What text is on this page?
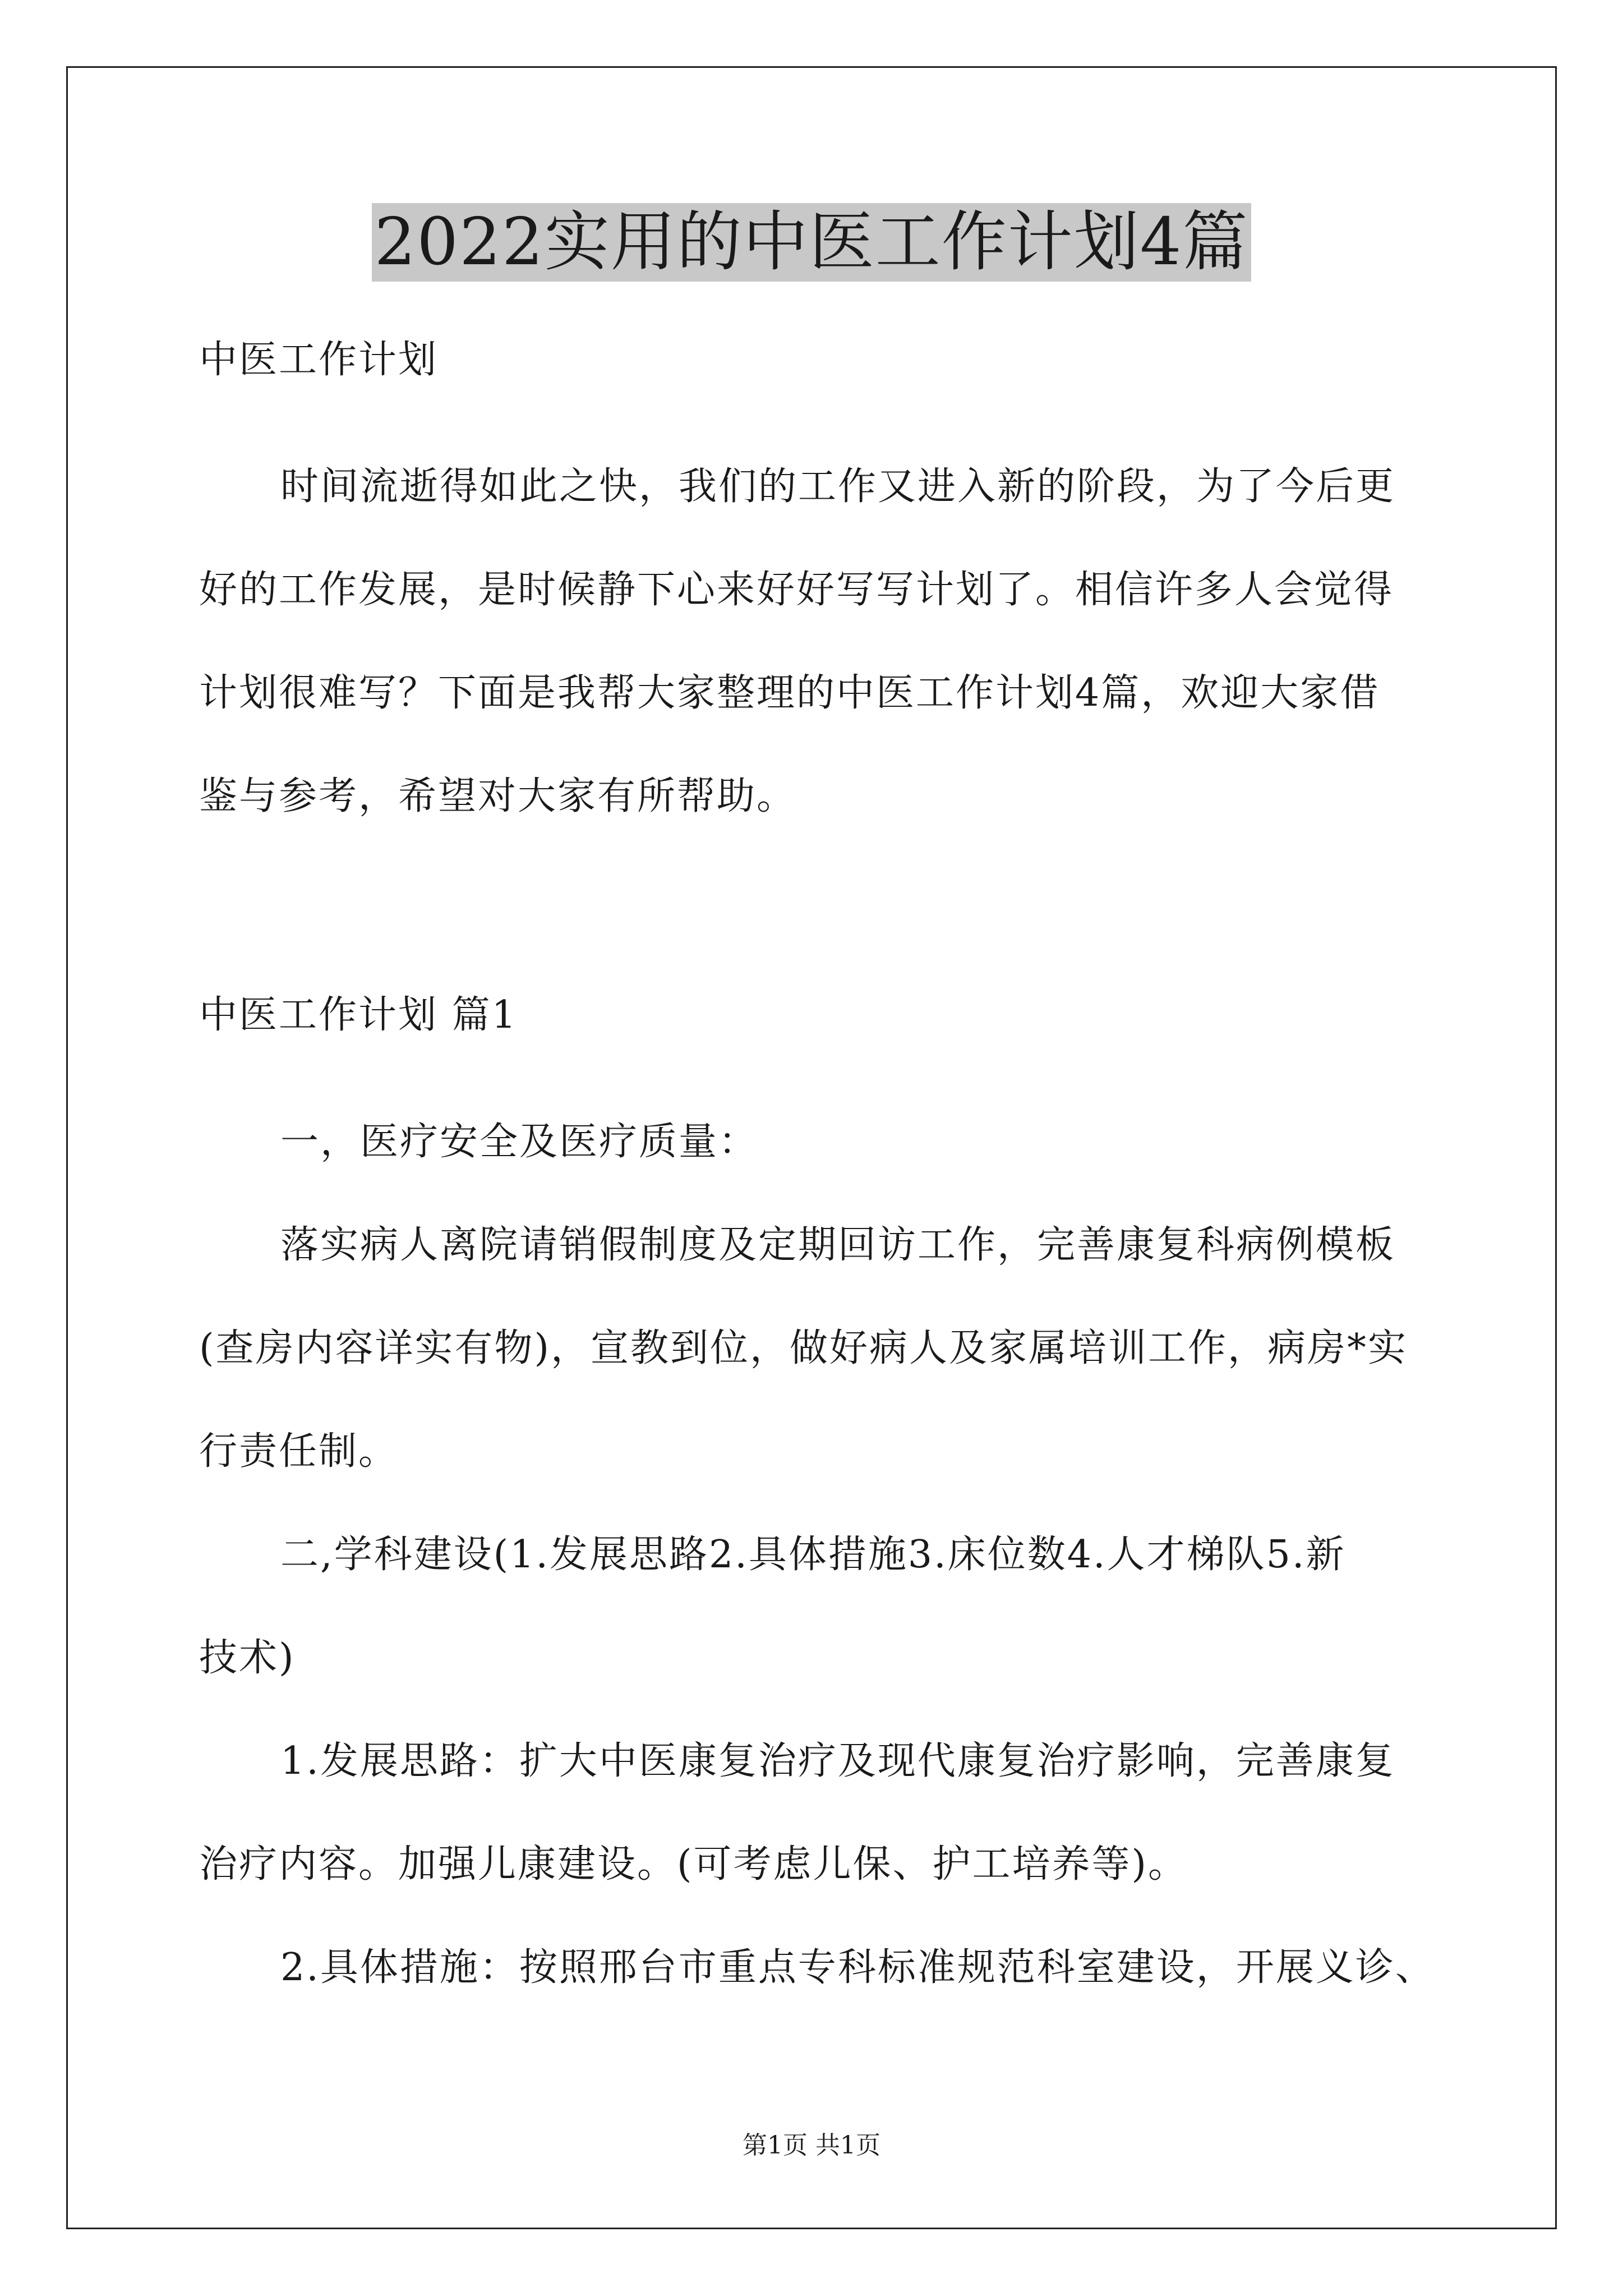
2022实用的中医工作计划4篇
中医工作计划
时间流逝得如此之快，我们的工作又进入新的阶段，为了今后更
好的工作发展，是时候静下心来好好写写计划了。相信许多人会觉得
计划很难写？下面是我帮大家整理的中医工作计划4篇，欢迎大家借
鉴与参考，希望对大家有所帮助。
中医工作计划 篇1
一，医疗安全及医疗质量：
落实病人离院请销假制度及定期回访工作，完善康复科病例模板
(查房内容详实有物)，宣教到位，做好病人及家属培训工作，病房*实
行责任制。
二,学科建设(1.发展思路2.具体措施3.床位数4.人才梯队5.新
技术)
1.发展思路：扩大中医康复治疗及现代康复治疗影响，完善康复
治疗内容。加强儿康建设。(可考虑儿保、护工培养等)。
2.具体措施：按照邢台市重点专科标准规范科室建设，开展义诊、
第1页 共1页
